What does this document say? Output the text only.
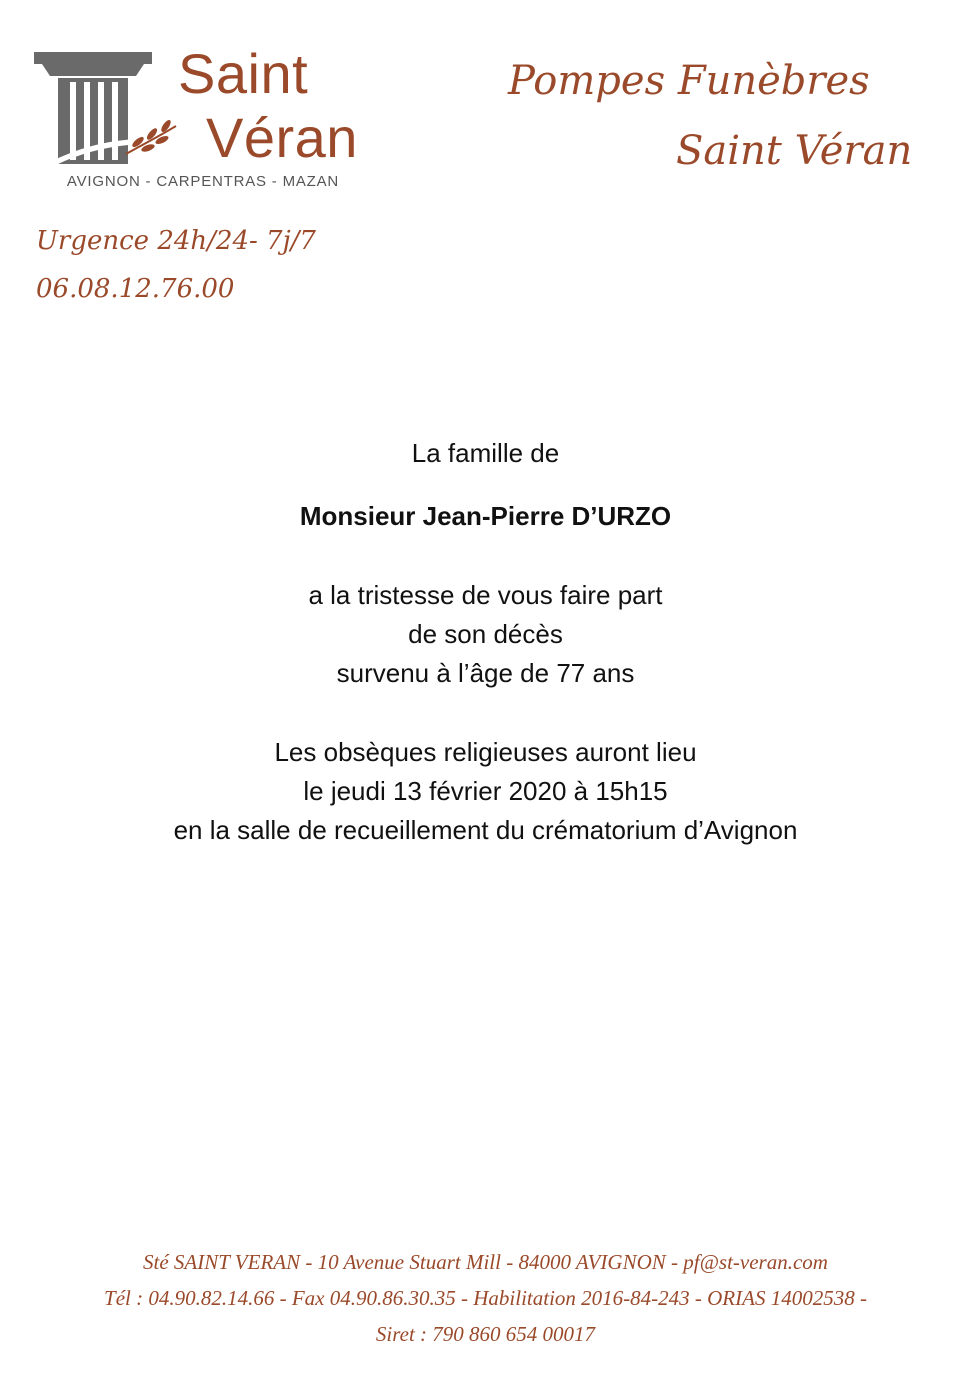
Saint
Véran
AVIGNON - CARPENTRAS - MAZAN
Pompes Funèbres
Saint Véran
Urgence 24h/24- 7j/7
06.08.12.76.00
La famille de
Monsieur Jean-Pierre D’URZO
a la tristesse de vous faire part
de son décès
survenu à l’âge de 77 ans
Les obsèques religieuses auront lieu
le jeudi 13 février 2020 à 15h15
en la salle de recueillement du crématorium d’Avignon
Sté SAINT VERAN - 10 Avenue Stuart Mill - 84000 AVIGNON - pf@st-veran.com
Tél : 04.90.82.14.66 - Fax 04.90.86.30.35 - Habilitation 2016-84-243 - ORIAS 14002538 -
Siret : 790 860 654 00017
